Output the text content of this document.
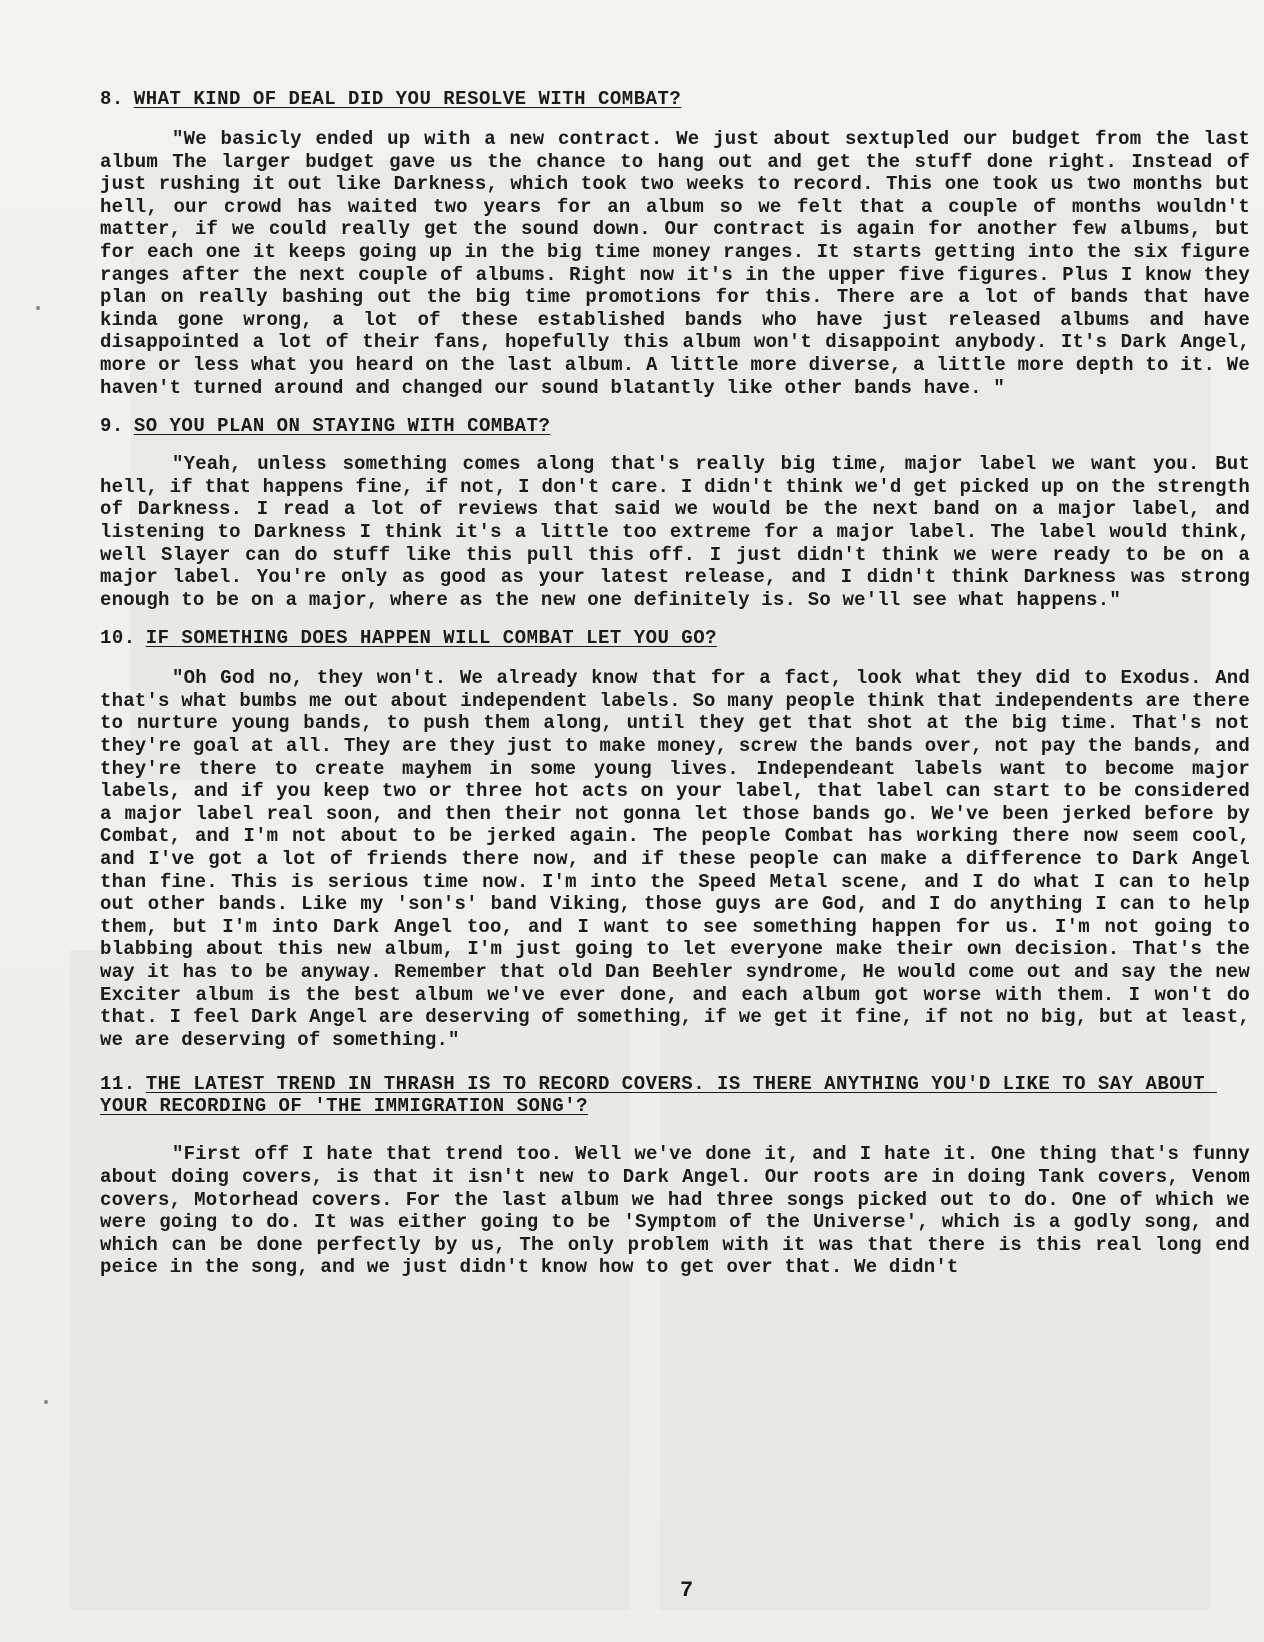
8. WHAT KIND OF DEAL DID YOU RESOLVE WITH COMBAT?

"We basicly ended up with a new contract. We just about sextupled our budget from the last album The larger budget gave us the chance to hang out and get the stuff done right. Instead of just rushing it out like Darkness, which took two weeks to record. This one took us two months but hell, our crowd has waited two years for an album so we felt that a couple of months wouldn't matter, if we could really get the sound down. Our contract is again for another few albums, but for each one it keeps going up in the big time money ranges. It starts getting into the six figure ranges after the next couple of albums. Right now it's in the upper five figures. Plus I know they plan on really bashing out the big time promotions for this. There are a lot of bands that have kinda gone wrong, a lot of these established bands who have just released albums and have disappointed a lot of their fans, hopefully this album won't disappoint anybody. It's Dark Angel, more or less what you heard on the last album. A little more diverse, a little more depth to it. We haven't turned around and changed our sound blatantly like other bands have. "

9. SO YOU PLAN ON STAYING WITH COMBAT?

"Yeah, unless something comes along that's really big time, major label we want you. But hell, if that happens fine, if not, I don't care. I didn't think we'd get picked up on the strength of Darkness. I read a lot of reviews that said we would be the next band on a major label, and listening to Darkness I think it's a little too extreme for a major label. The label would think, well Slayer can do stuff like this pull this off. I just didn't think we were ready to be on a major label. You're only as good as your latest release, and I didn't think Darkness was strong enough to be on a major, where as the new one definitely is. So we'll see what happens."

10. IF SOMETHING DOES HAPPEN WILL COMBAT LET YOU GO?

"Oh God no, they won't. We already know that for a fact, look what they did to Exodus. And that's what bumbs me out about independent labels. So many people think that independents are there to nurture young bands, to push them along, until they get that shot at the big time. That's not they're goal at all. They are they just to make money, screw the bands over, not pay the bands, and they're there to create mayhem in some young lives. Independeant labels want to become major labels, and if you keep two or three hot acts on your label, that label can start to be considered a major label real soon, and then their not gonna let those bands go. We've been jerked before by Combat, and I'm not about to be jerked again. The people Combat has working there now seem cool, and I've got a lot of friends there now, and if these people can make a difference to Dark Angel than fine. This is serious time now. I'm into the Speed Metal scene, and I do what I can to help out other bands. Like my 'son's' band Viking, those guys are God, and I do anything I can to help them, but I'm into Dark Angel too, and I want to see something happen for us. I'm not going to blabbing about this new album, I'm just going to let everyone make their own decision. That's the way it has to be anyway. Remember that old Dan Beehler syndrome, He would come out and say the new Exciter album is the best album we've ever done, and each album got worse with them. I won't do that. I feel Dark Angel are deserving of something, if we get it fine, if not no big, but at least, we are deserving of something."

11. THE LATEST TREND IN THRASH IS TO RECORD COVERS. IS THERE ANYTHING YOU'D LIKE TO SAY ABOUT YOUR RECORDING OF 'THE IMMIGRATION SONG'?

"First off I hate that trend too. Well we've done it, and I hate it. One thing that's funny about doing covers, is that it isn't new to Dark Angel. Our roots are in doing Tank covers, Venom covers, Motorhead covers. For the last album we had three songs picked out to do. One of which we were going to do. It was either going to be 'Symptom of the Universe', which is a godly song, and which can be done perfectly by us, The only problem with it was that there is this real long end peice in the song, and we just didn't know how to get over that. We didn't

7
